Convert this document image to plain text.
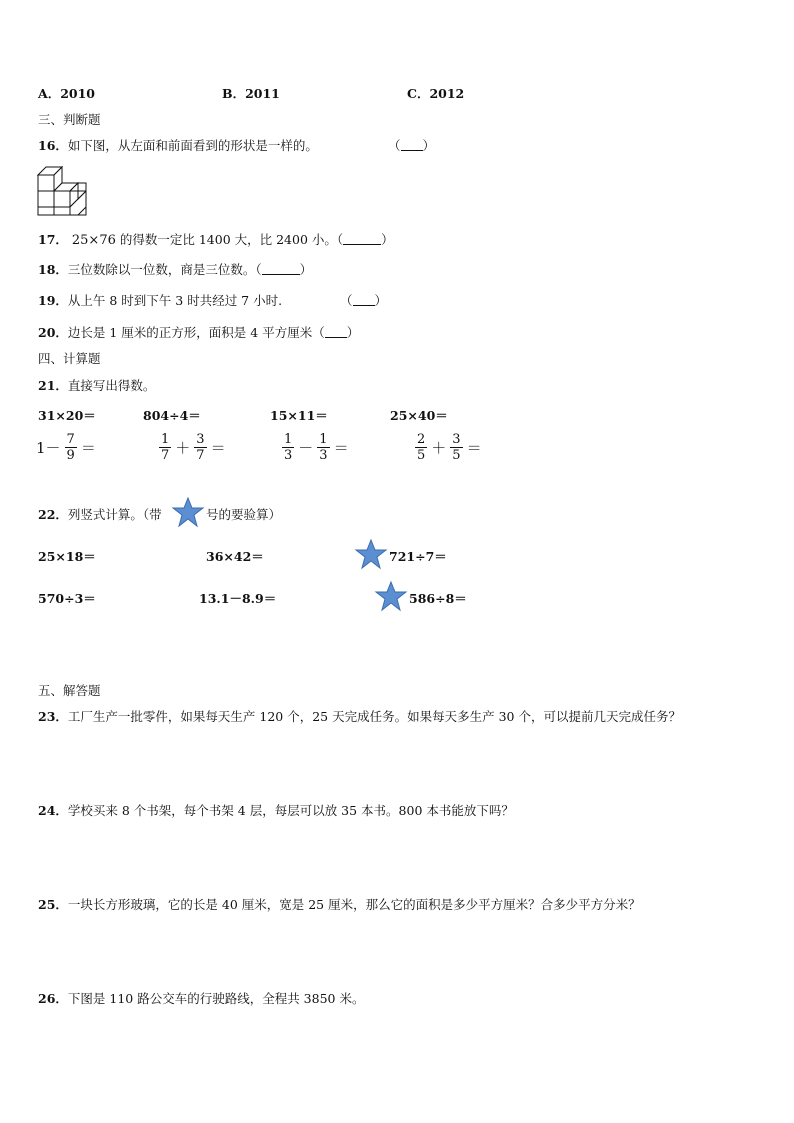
A．2010	B．2011	C．2012
三、判断题
16．如下图，从左面和前面看到的形状是一样的。	（ ）
17． 25×76 的得数一定比 1400 大，比 2400 小。（	）
18．三位数除以一位数，商是三位数。（	）
19．从上午 8 时到下午 3 时共经过 7 小时.	（ ）
20．边长是 1 厘米的正方形，面积是 4 平方厘米（ ）
四、计算题
21．直接写出得数。
31×20＝	804÷4＝	15×11＝	25×40＝
$1- \frac{7}{9}$ ＝	$\frac{1}{7} + \frac{3}{7}$ ＝	$\frac{1}{3} - \frac{1}{3}$ ＝	$\frac{2}{5} + \frac{3}{5}$ ＝
22．列竖式计算。（带	号的要验算）
25×18＝	36×42＝	721÷7＝
570÷3＝	13.1－8.9＝	586÷8＝
五、解答题
23．工厂生产一批零件，如果每天生产 120 个，25 天完成任务。如果每天多生产 30 个，可以提前几天完成任务？
24．学校买来 8 个书架，每个书架 4 层，每层可以放 35 本书。800 本书能放下吗？
25．一块长方形玻璃，它的长是 40 厘米，宽是 25 厘米，那么它的面积是多少平方厘米？合多少平方分米？
26．下图是 110 路公交车的行驶路线，全程共 3850 米。
